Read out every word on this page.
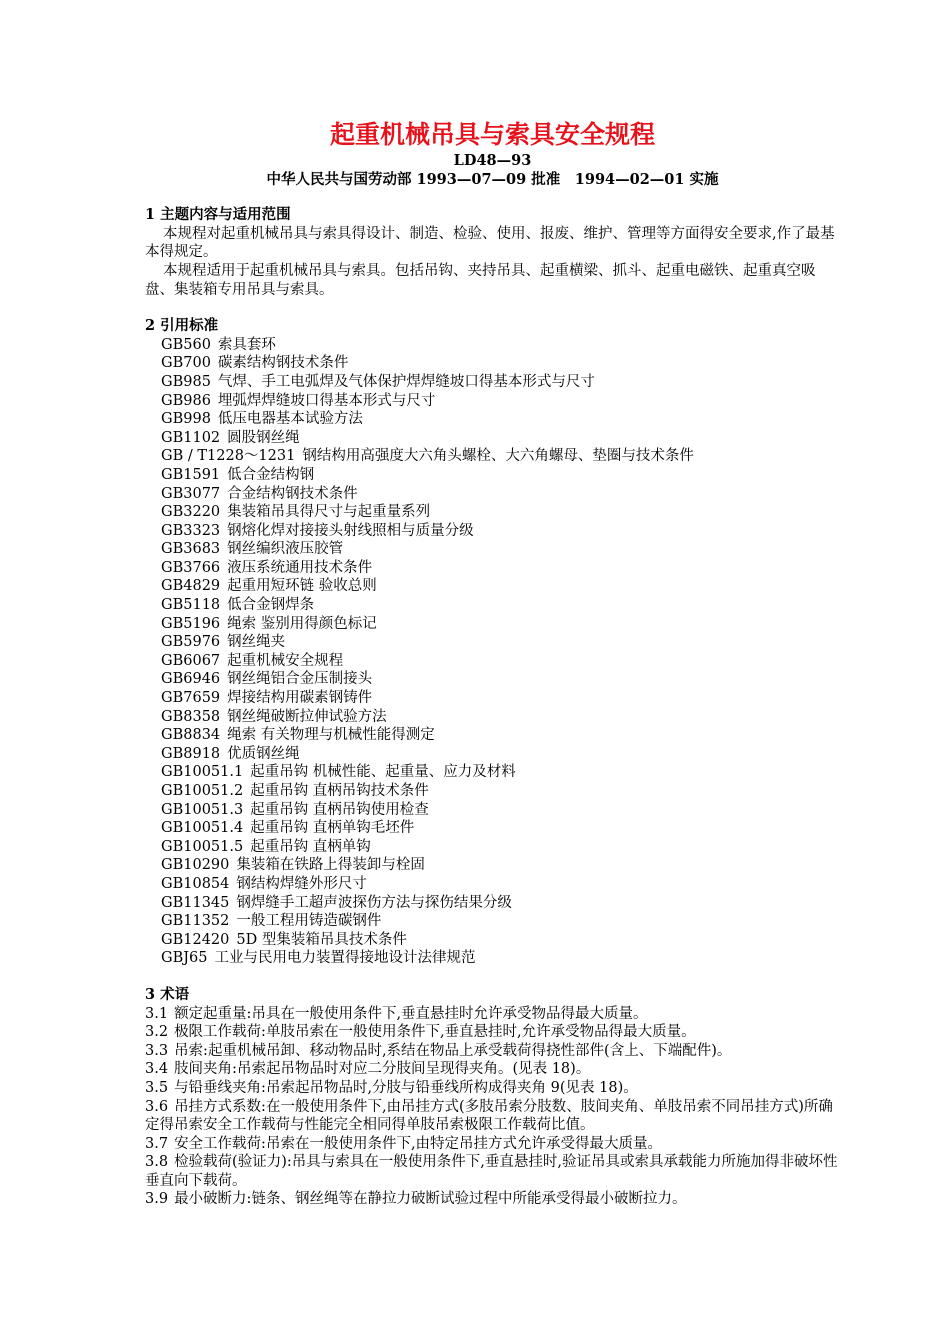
起重机械吊具与索具安全规程

LD48—93

中华人民共与国劳动部 1993—07—09 批准　1994—02—01 实施

1 主题内容与适用范围

本规程对起重机械吊具与索具得设计、制造、检验、使用、报废、维护、管理等方面得安全要求,作了最基本得规定。

本规程适用于起重机械吊具与索具。包括吊钩、夹持吊具、起重横梁、抓斗、起重电磁铁、起重真空吸盘、集装箱专用吊具与索具。

2 引用标准

GB560 索具套环

GB700 碳素结构钢技术条件

GB985 气焊、手工电弧焊及气体保护焊焊缝坡口得基本形式与尺寸

GB986 埋弧焊焊缝坡口得基本形式与尺寸

GB998 低压电器基本试验方法

GB1102 圆股钢丝绳

GB / T1228～1231 钢结构用高强度大六角头螺栓、大六角螺母、垫圈与技术条件

GB1591 低合金结构钢

GB3077 合金结构钢技术条件

GB3220 集装箱吊具得尺寸与起重量系列

GB3323 钢熔化焊对接接头射线照相与质量分级

GB3683 钢丝编织液压胶管

GB3766 液压系统通用技术条件

GB4829 起重用短环链 验收总则

GB5118 低合金钢焊条

GB5196 绳索 鉴别用得颜色标记

GB5976 钢丝绳夹

GB6067 起重机械安全规程

GB6946 钢丝绳铝合金压制接头

GB7659 焊接结构用碳素钢铸件

GB8358 钢丝绳破断拉伸试验方法

GB8834 绳索 有关物理与机械性能得测定

GB8918 优质钢丝绳

GB10051.1 起重吊钩 机械性能、起重量、应力及材料

GB10051.2 起重吊钩 直柄吊钩技术条件

GB10051.3 起重吊钩 直柄吊钩使用检查

GB10051.4 起重吊钩 直柄单钩毛坯件

GB10051.5 起重吊钩 直柄单钩

GB10290 集装箱在铁路上得装卸与栓固

GB10854 钢结构焊缝外形尺寸

GB11345 钢焊缝手工超声波探伤方法与探伤结果分级

GB11352 一般工程用铸造碳钢件

GB12420 5D 型集装箱吊具技术条件

GBJ65 工业与民用电力装置得接地设计法律规范

3 术语

3.1 额定起重量:吊具在一般使用条件下,垂直悬挂时允许承受物品得最大质量。

3.2 极限工作载荷:单肢吊索在一般使用条件下,垂直悬挂时,允许承受物品得最大质量。

3.3 吊索:起重机械吊卸、移动物品时,系结在物品上承受载荷得挠性部件(含上、下端配件)。

3.4 肢间夹角:吊索起吊物品时对应二分肢间呈现得夹角。(见表 18)。

3.5 与铅垂线夹角:吊索起吊物品时,分肢与铅垂线所构成得夹角 9(见表 18)。

3.6 吊挂方式系数:在一般使用条件下,由吊挂方式(多肢吊索分肢数、肢间夹角、单肢吊索不同吊挂方式)所确定得吊索安全工作载荷与性能完全相同得单肢吊索极限工作载荷比值。

3.7 安全工作载荷:吊索在一般使用条件下,由特定吊挂方式允许承受得最大质量。

3.8 检验载荷(验证力):吊具与索具在一般使用条件下,垂直悬挂时,验证吊具或索具承载能力所施加得非破坏性垂直向下载荷。

3.9 最小破断力:链条、钢丝绳等在静拉力破断试验过程中所能承受得最小破断拉力。
